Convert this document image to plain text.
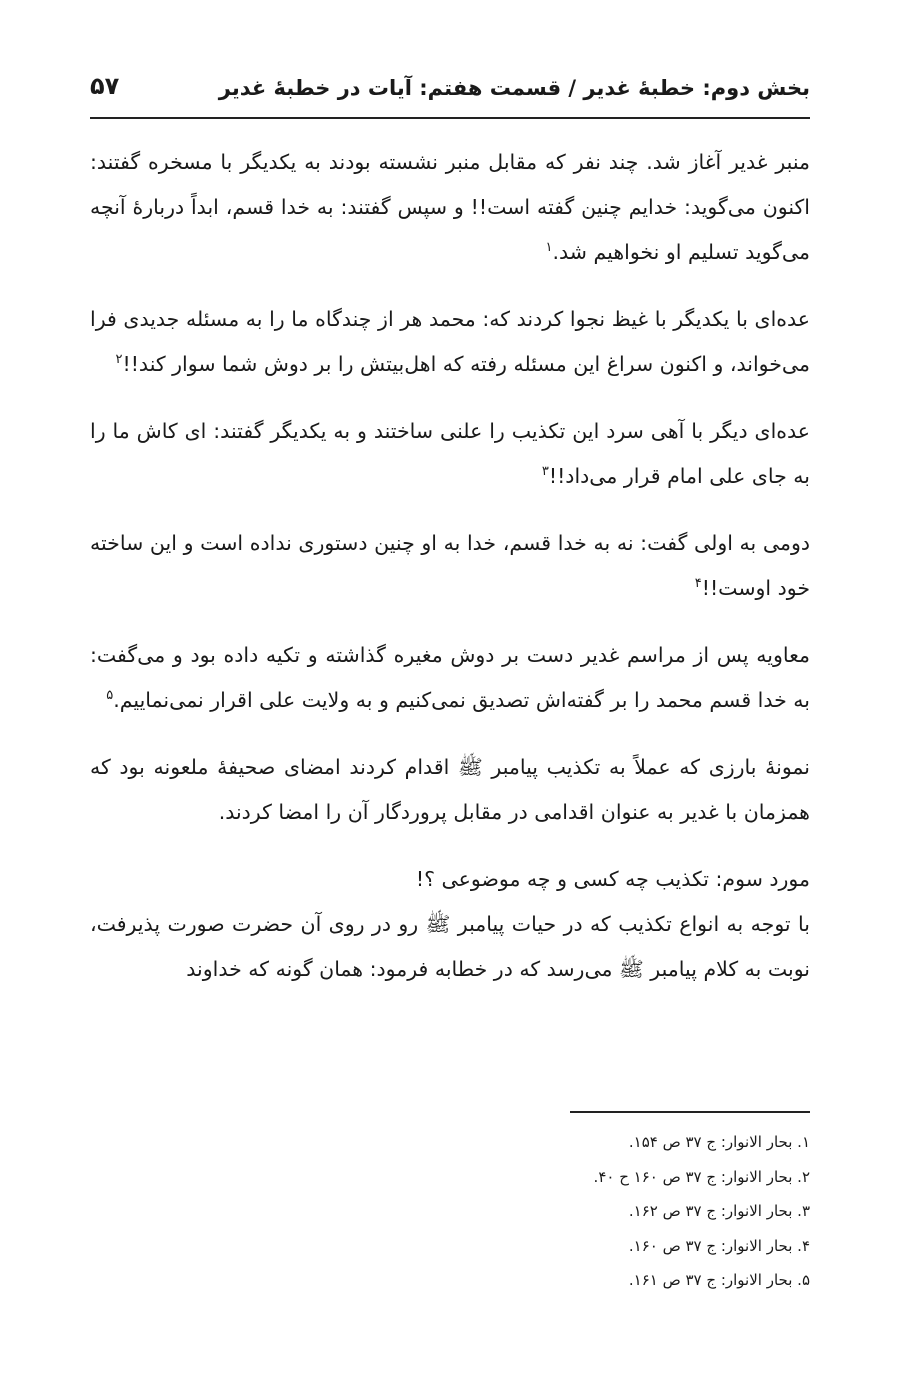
بخش دوم: خطبهٔ غدیر / قسمت هفتم: آیات در خطبهٔ غدیر
۵۷

منبر غدیر آغاز شد. چند نفر که مقابل منبر نشسته بودند به یکدیگر با مسخره گفتند: اکنون می‌گوید: خدایم چنین گفته است!! و سپس گفتند: به خدا قسم، ابداً دربارهٔ آنچه می‌گوید تسلیم او نخواهیم شد.$^۱$

عده‌ای با یکدیگر با غیظ نجوا کردند که: محمد هر از چندگاه ما را به مسئله جدیدی فرا می‌خواند، و اکنون سراغ این مسئله رفته که اهل‌بیتش را بر دوش شما سوار کند!!$^۲$

عده‌ای دیگر با آهی سرد این تکذیب را علنی ساختند و به یکدیگر گفتند: ای کاش ما را به جای علی امام قرار می‌داد!!$^۳$

دومی به اولی گفت: نه به خدا قسم، خدا به او چنین دستوری نداده است و این ساخته خود اوست!!$^۴$

معاویه پس از مراسم غدیر دست بر دوش مغیره گذاشته و تکیه داده بود و می‌گفت: به خدا قسم محمد را بر گفته‌اش تصدیق نمی‌کنیم و به ولایت علی اقرار نمی‌نماییم.$^۵$

نمونهٔ بارزی که عملاً به تکذیب پیامبر ﷺ اقدام کردند امضای صحیفهٔ ملعونه بود که همزمان با غدیر به عنوان اقدامی در مقابل پروردگار آن را امضا کردند.

مورد سوم: تکذیب چه کسی و چه موضوعی ؟!

با توجه به انواع تکذیب که در حیات پیامبر ﷺ رو در روی آن حضرت صورت پذیرفت، نوبت به کلام پیامبر ﷺ می‌رسد که در خطابه فرمود: همان گونه که خداوند

۱. بحار الانوار: ج ۳۷ ص ۱۵۴.
۲. بحار الانوار: ج ۳۷ ص ۱۶۰ ح ۴۰.
۳. بحار الانوار: ج ۳۷ ص ۱۶۲.
۴. بحار الانوار: ج ۳۷ ص ۱۶۰.
۵. بحار الانوار: ج ۳۷ ص ۱۶۱.
